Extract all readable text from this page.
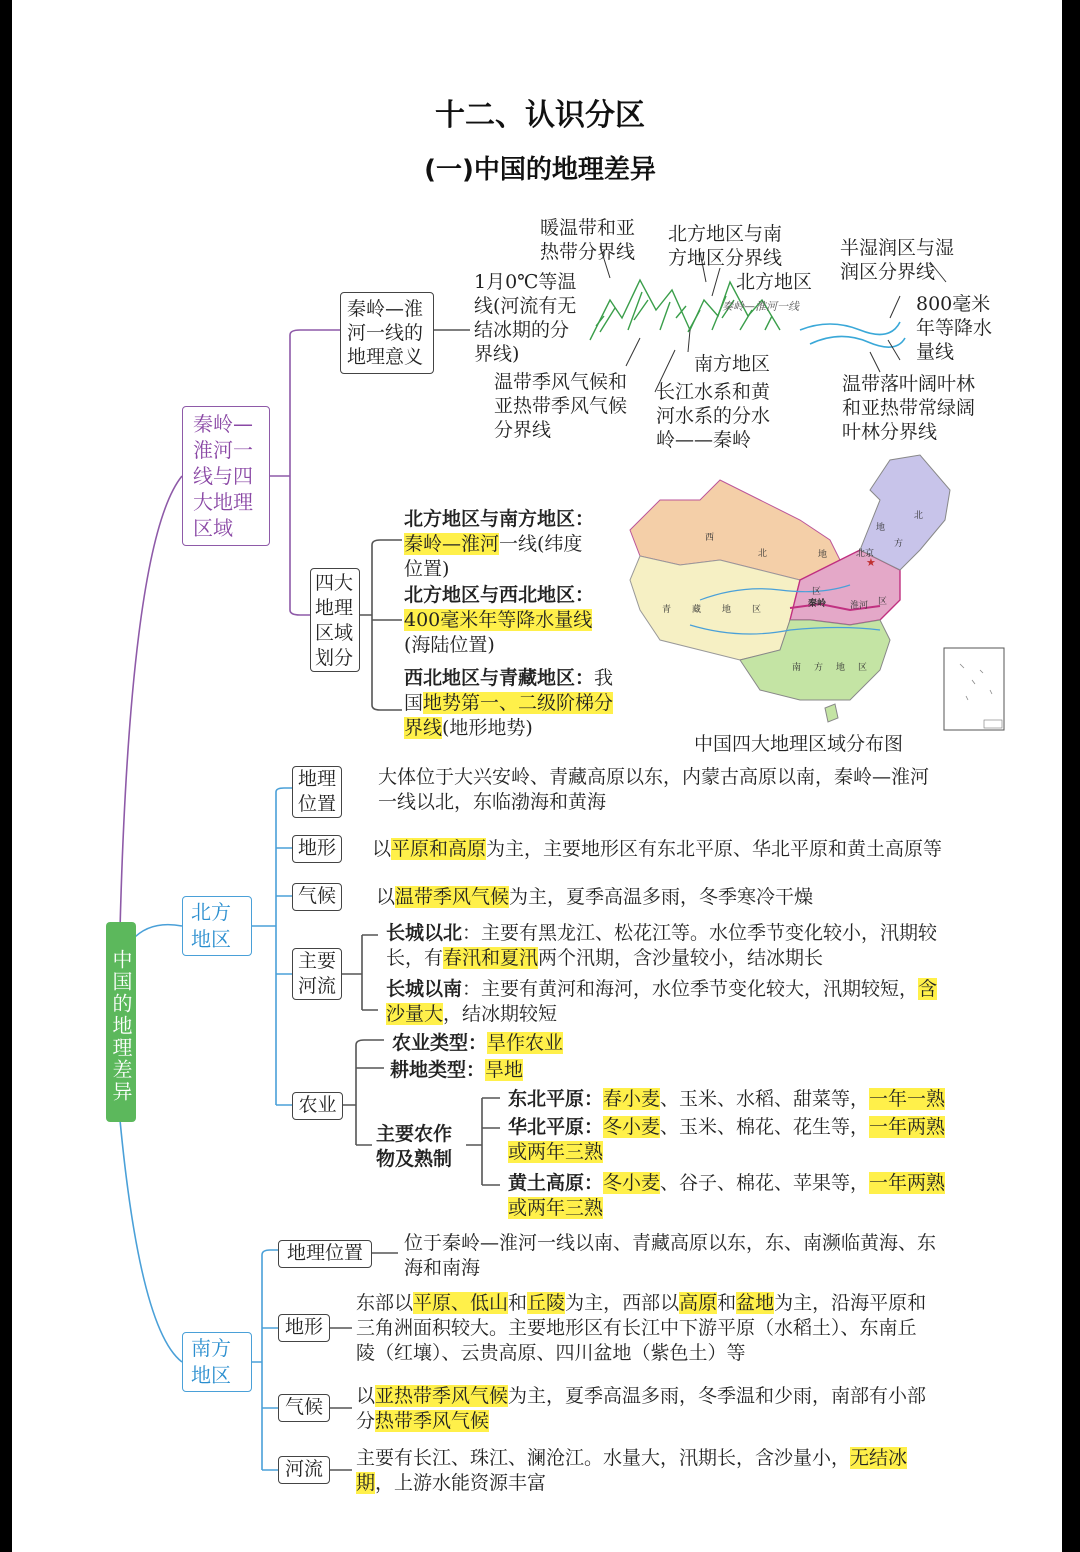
十二、认识分区
(一)中国的地理差异
中国的地理差异
秦岭—淮河一线与四大地理区域
秦岭—淮河一线的地理意义
暖温带和亚
热带分界线
北方地区与南
方地区分界线	半湿润区与湿
润区分界线
1月0℃等温
线(河流有无
结冰期的分
界线)
北方地区
秦岭—淮河一线	800毫米
年等降水
量线
南方地区
温带季风气候和
亚热带季风气候
分界线
长江水系和黄
河水系的分水
岭——秦岭
温带落叶阔叶林
和亚热带常绿阔
叶林分界线
四大地理区域划分
北方地区与南方地区：
秦岭—淮河一线(纬度
位置)
北方地区与西北地区：
400毫米年等降水量线
(海陆位置)
西北地区与青藏地区：我
国地势第一、二级阶梯分
界线(地形地势)
★
西
北	地
区
北
方
地
区
青 藏 地 区
南 方 地 区
北京
秦岭	淮河
中国四大地理区域分布图
北方地区
地理位置
大体位于大兴安岭、青藏高原以东，内蒙古高原以南，秦岭—淮河
一线以北，东临渤海和黄海
地形	以平原和高原为主，主要地形区有东北平原、华北平原和黄土高原等
气候	以温带季风气候为主，夏季高温多雨，冬季寒冷干燥
主要河流
长城以北：主要有黑龙江、松花江等。水位季节变化较小，汛期较
长，有春汛和夏汛两个汛期，含沙量较小，结冰期长
长城以南：主要有黄河和海河，水位季节变化较大，汛期较短，含
沙量大，结冰期较短
农业
农业类型：旱作农业
耕地类型：旱地
主要农作
物及熟制
东北平原：春小麦、玉米、水稻、甜菜等，一年一熟
华北平原：冬小麦、玉米、棉花、花生等，一年两熟
或两年三熟
黄土高原：冬小麦、谷子、棉花、苹果等，一年两熟
或两年三熟
南方地区
地理位置	位于秦岭—淮河一线以南、青藏高原以东，东、南濒临黄海、东
海和南海
地形
东部以平原、低山和丘陵为主，西部以高原和盆地为主，沿海平原和
三角洲面积较大。主要地形区有长江中下游平原（水稻土）、东南丘
陵（红壤）、云贵高原、四川盆地（紫色土）等
气候	以亚热带季风气候为主，夏季高温多雨，冬季温和少雨，南部有小部
分热带季风气候
河流	主要有长江、珠江、澜沧江。水量大，汛期长，含沙量小，无结冰
期，上游水能资源丰富
